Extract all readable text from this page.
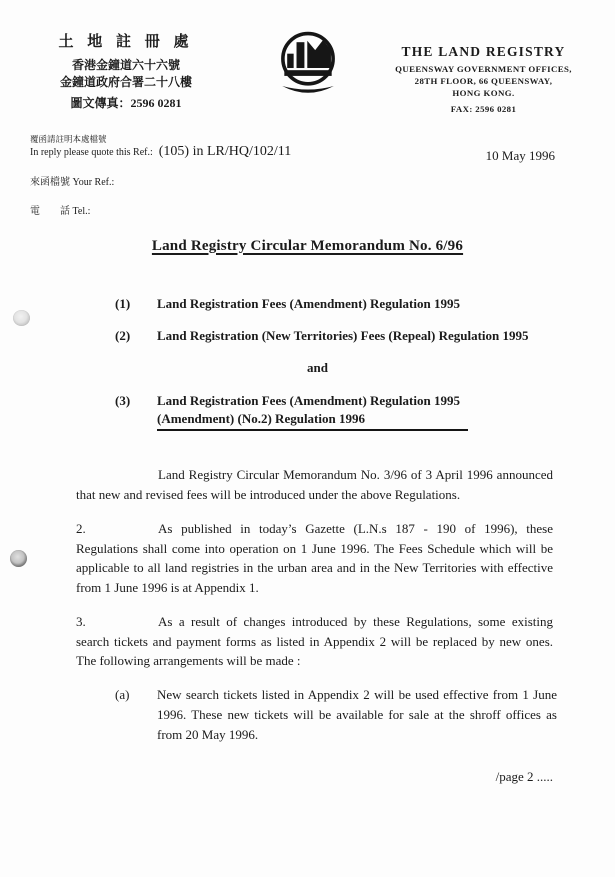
土 地 註 冊 處
香港金鐘道六十六號
金鐘道政府合署二十八樓
圖文傳真：2596 0281
THE LAND REGISTRY
QUEENSWAY GOVERNMENT OFFICES,
28TH FLOOR, 66 QUEENSWAY,
HONG KONG.
FAX: 2596 0281
覆函請註明本處檔號
In reply please quote this Ref.: (105) in LR/HQ/102/11
來函檔號 Your Ref.:
電　　話 Tel.:
10 May 1996
Land Registry Circular Memorandum No. 6/96
(1)	Land Registration Fees (Amendment) Regulation 1995
(2)	Land Registration (New Territories) Fees (Repeal) Regulation 1995
and
(3)	Land Registration Fees (Amendment) Regulation 1995
(Amendment) (No.2) Regulation 1996

Land Registry Circular Memorandum No. 3/96 of 3 April 1996 announced that new and revised fees will be introduced under the above Regulations.

2.	As published in today’s Gazette (L.N.s 187 - 190 of 1996), these Regulations shall come into operation on 1 June 1996. The Fees Schedule which will be applicable to all land registries in the urban area and in the New Territories with effective from 1 June 1996 is at Appendix 1.

3.	As a result of changes introduced by these Regulations, some existing search tickets and payment forms as listed in Appendix 2 will be replaced by new ones. The following arrangements will be made :

(a)	New search tickets listed in Appendix 2 will be used effective from 1 June 1996. These new tickets will be available for sale at the shroff offices as from 20 May 1996.
/page 2 .....
